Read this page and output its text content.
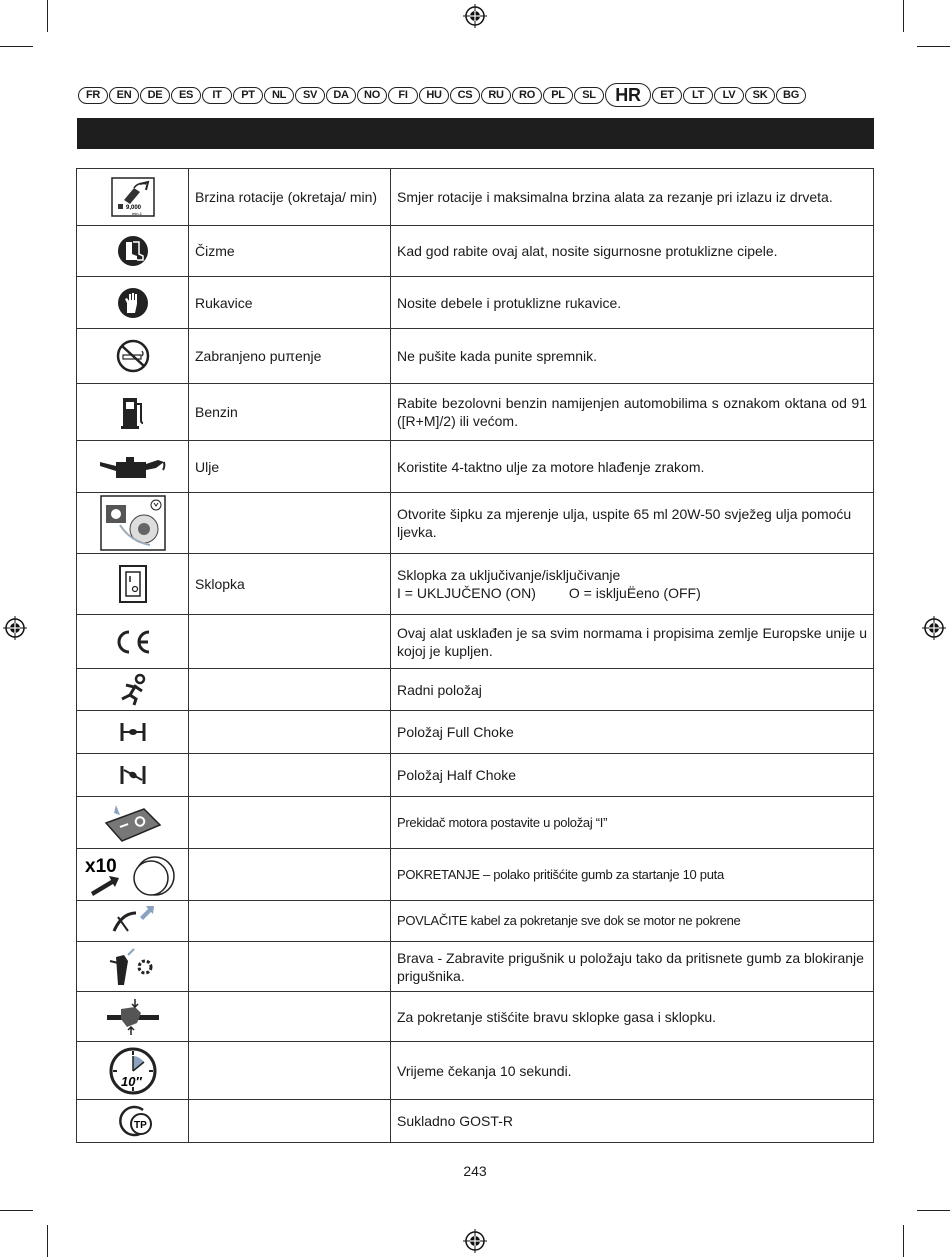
FR	EN	DE	ES	IT	PT	NL	SV	DA	NO	FI	HU	CS	RU	RO	PL	SL	HR	ET	LT	LV	SK	BG
9,000
min-1	Brzina rotacije (okretaja/ min)	Smjer rotacije i maksimalna brzina alata za rezanje pri izlazu iz drveta.

	Čizme	Kad god rabite ovaj alat, nosite sigurnosne protuklizne cipele.

	Rukavice	Nosite debele i protuklizne rukavice.

	Zabranjeno puπenje	Ne pušite kada punite spremnik.

	Benzin	Rabite bezolovni benzin namijenjen automobilima s oznakom oktana od 91 ([R+M]/2) ili većom.

	Ulje	Koristite 4-taktno ulje za motore hlađenje zrakom.

		Otvorite šipku za mjerenje ulja, uspite 65 ml 20W-50 svježeg ulja pomoću ljevka.

	Sklopka	Sklopka za uključivanje/isključivanje
I = UKLJUČENO (ON) O = iskljuËeno (OFF)

		Ovaj alat usklađen je sa svim normama i propisima zemlje Europske unije u kojoj je kupljen.

		Radni položaj

		Položaj Full Choke

		Položaj Half Choke

		Prekidač motora postavite u položaj “I”

x10		POKRETANJE – polako pritišćite gumb za startanje 10 puta

		POVLAČITE kabel za pokretanje sve dok se motor ne pokrene

		Brava - Zabravite prigušnik u položaju tako da pritisnete gumb za blokiranje prigušnika.

		Za pokretanje stišćite bravu sklopke gasa i sklopku.

10″		Vrijeme čekanja 10 sekundi.

TP		Sukladno GOST-R
243
